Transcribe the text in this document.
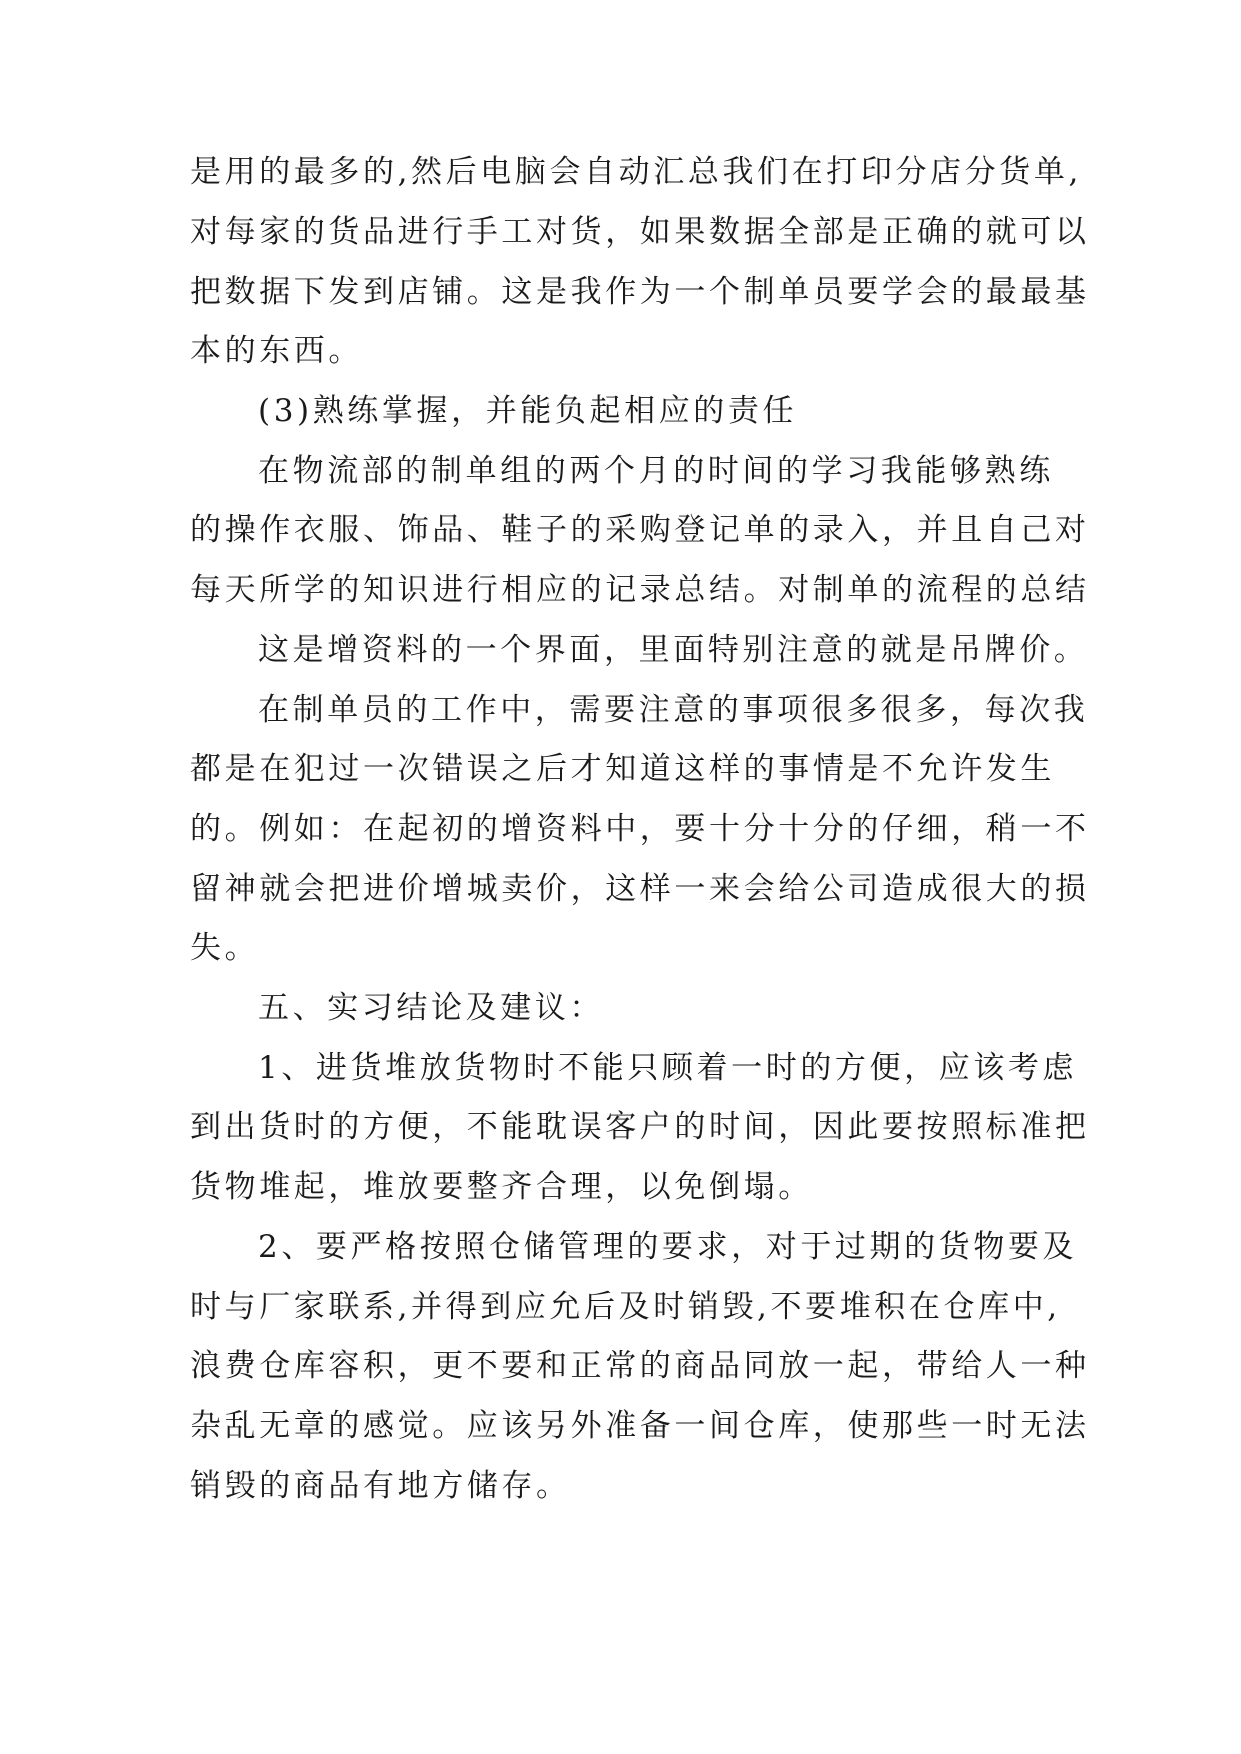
是用的最多的,然后电脑会自动汇总我们在打印分店分货单,
对每家的货品进行手工对货，如果数据全部是正确的就可以
把数据下发到店铺。这是我作为一个制单员要学会的最最基
本的东西。
(3)熟练掌握，并能负起相应的责任
在物流部的制单组的两个月的时间的学习我能够熟练
的操作衣服、饰品、鞋子的采购登记单的录入，并且自己对
每天所学的知识进行相应的记录总结。对制单的流程的总结
这是增资料的一个界面，里面特别注意的就是吊牌价。
在制单员的工作中，需要注意的事项很多很多，每次我
都是在犯过一次错误之后才知道这样的事情是不允许发生
的。例如：在起初的增资料中，要十分十分的仔细，稍一不
留神就会把进价增城卖价，这样一来会给公司造成很大的损
失。
五、实习结论及建议：
1、进货堆放货物时不能只顾着一时的方便，应该考虑
到出货时的方便，不能耽误客户的时间，因此要按照标准把
货物堆起，堆放要整齐合理，以免倒塌。
2、要严格按照仓储管理的要求，对于过期的货物要及
时与厂家联系,并得到应允后及时销毁,不要堆积在仓库中,
浪费仓库容积，更不要和正常的商品同放一起，带给人一种
杂乱无章的感觉。应该另外准备一间仓库，使那些一时无法
销毁的商品有地方储存。
